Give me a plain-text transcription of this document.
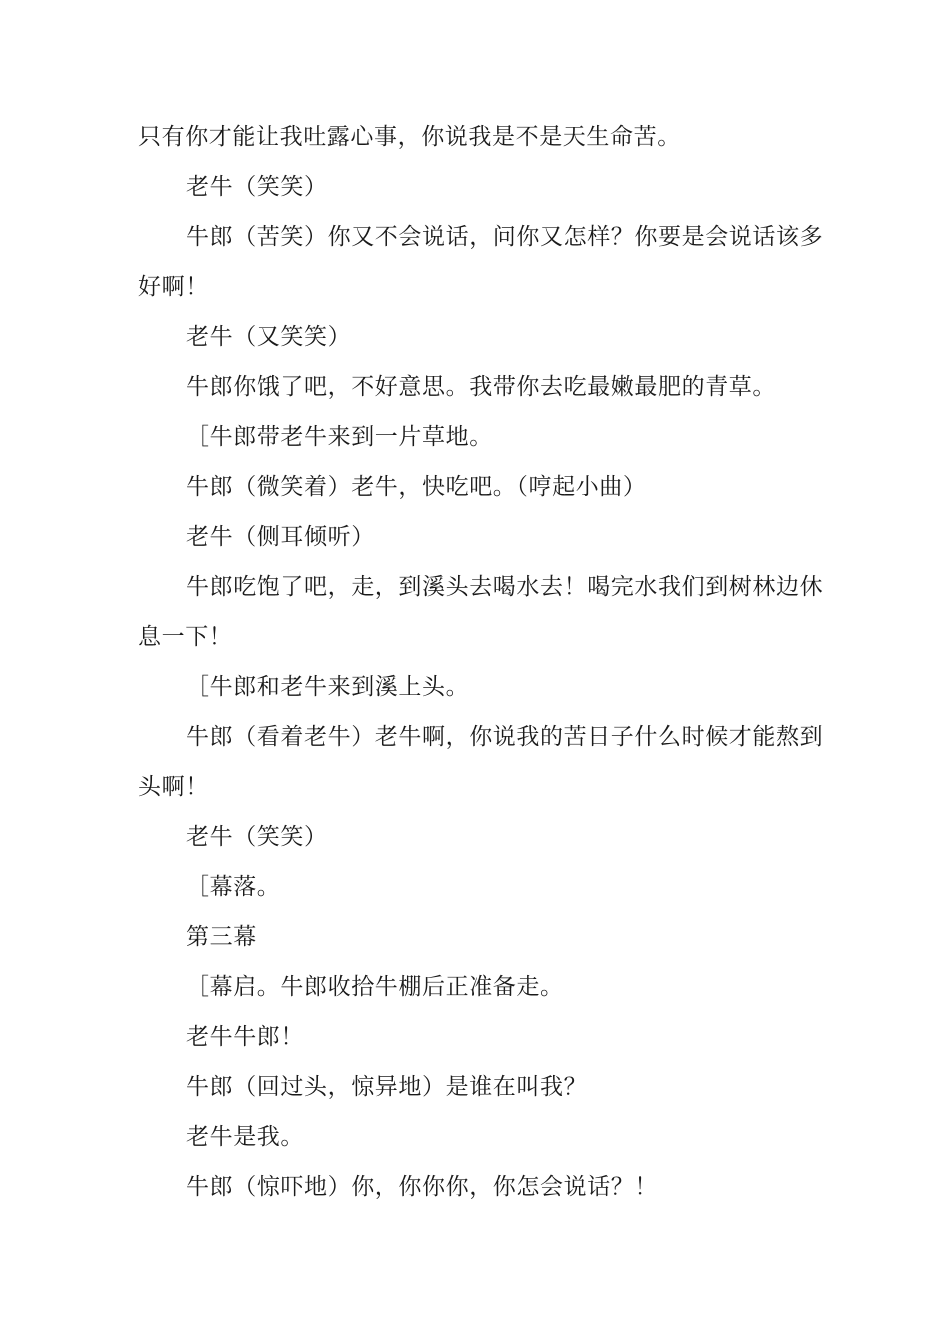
只有你才能让我吐露心事，你说我是不是天生命苦。

老牛（笑笑）

牛郎（苦笑）你又不会说话，问你又怎样？你要是会说话该多

好啊！

老牛（又笑笑）

牛郎你饿了吧，不好意思。我带你去吃最嫩最肥的青草。

［牛郎带老牛来到一片草地。

牛郎（微笑着）老牛，快吃吧。（哼起小曲）

老牛（侧耳倾听）

牛郎吃饱了吧，走，到溪头去喝水去！喝完水我们到树林边休

息一下！

［牛郎和老牛来到溪上头。

牛郎（看着老牛）老牛啊，你说我的苦日子什么时候才能熬到

头啊！

老牛（笑笑）

［幕落。

第三幕

［幕启。牛郎收拾牛棚后正准备走。

老牛牛郎！

牛郎（回过头，惊异地）是谁在叫我？

老牛是我。

牛郎（惊吓地）你，你你你，你怎会说话？！
